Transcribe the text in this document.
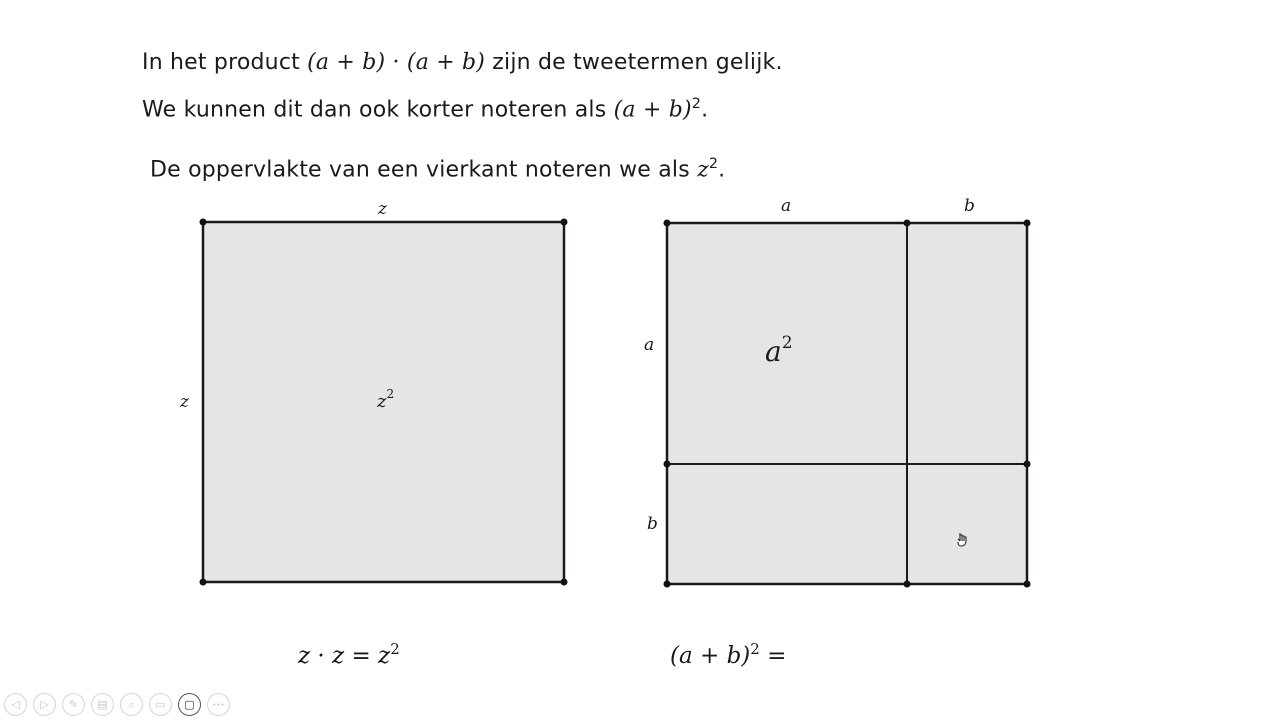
In het product (a + b) · (a + b) zijn de tweetermen gelijk.
We kunnen dit dan ook korter noteren als $(a + b)^2$.
De oppervlakte van een vierkant noteren we als $z^2$.
z
z	$z^2$
a	b
a
b
$a^2$
$z \cdot z = z^2$	$(a + b)^2$ =
◁	▷	✎	▤	⌕	▭	▢	•••
